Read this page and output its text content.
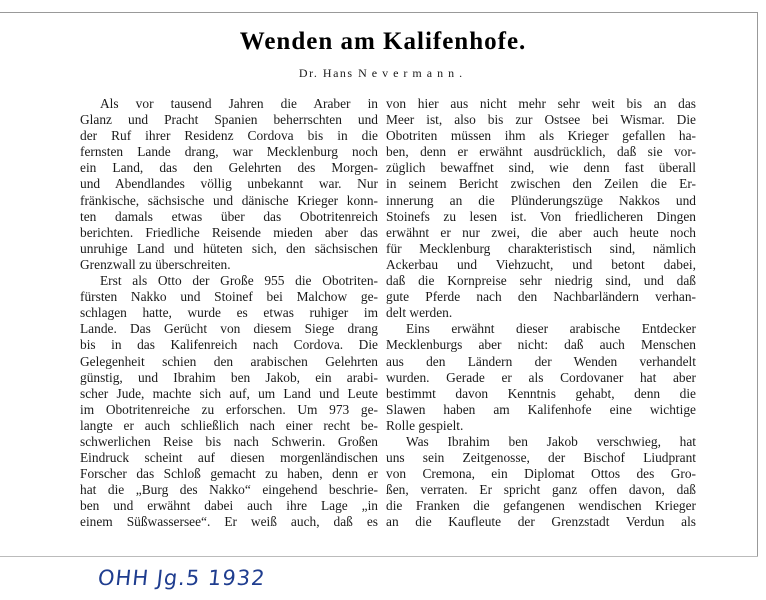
Wenden am Kalifenhofe.
Dr. Hans Nevermann.
Als vor tausend Jahren die Araber in
Glanz und Pracht Spanien beherrschten und
der Ruf ihrer Residenz Cordova bis in die
fernsten Lande drang, war Mecklenburg noch
ein Land, das den Gelehrten des Morgen-
und Abendlandes völlig unbekannt war. Nur
fränkische, sächsische und dänische Krieger konn-
ten damals etwas über das Obotritenreich
berichten. Friedliche Reisende mieden aber das
unruhige Land und hüteten sich, den sächsischen
Grenzwall zu überschreiten.
Erst als Otto der Große 955 die Obotriten-
fürsten Nakko und Stoinef bei Malchow ge-
schlagen hatte, wurde es etwas ruhiger im
Lande. Das Gerücht von diesem Siege drang
bis in das Kalifenreich nach Cordova. Die
Gelegenheit schien den arabischen Gelehrten
günstig, und Ibrahim ben Jakob, ein arabi-
scher Jude, machte sich auf, um Land und Leute
im Obotritenreiche zu erforschen. Um 973 ge-
langte er auch schließlich nach einer recht be-
schwerlichen Reise bis nach Schwerin. Großen
Eindruck scheint auf diesen morgenländischen
Forscher das Schloß gemacht zu haben, denn er
hat die „Burg des Nakko“ eingehend beschrie-
ben und erwähnt dabei auch ihre Lage „in
einem Süßwassersee“. Er weiß auch, daß es
von hier aus nicht mehr sehr weit bis an das
Meer ist, also bis zur Ostsee bei Wismar. Die
Obotriten müssen ihm als Krieger gefallen ha-
ben, denn er erwähnt ausdrücklich, daß sie vor-
züglich bewaffnet sind, wie denn fast überall
in seinem Bericht zwischen den Zeilen die Er-
innerung an die Plünderungszüge Nakkos und
Stoinefs zu lesen ist. Von friedlicheren Dingen
erwähnt er nur zwei, die aber auch heute noch
für Mecklenburg charakteristisch sind, nämlich
Ackerbau und Viehzucht, und betont dabei,
daß die Kornpreise sehr niedrig sind, und daß
gute Pferde nach den Nachbarländern verhan-
delt werden.
Eins erwähnt dieser arabische Entdecker
Mecklenburgs aber nicht: daß auch Menschen
aus den Ländern der Wenden verhandelt
wurden. Gerade er als Cordovaner hat aber
bestimmt davon Kenntnis gehabt, denn die
Slawen haben am Kalifenhofe eine wichtige
Rolle gespielt.
Was Ibrahim ben Jakob verschwieg, hat
uns sein Zeitgenosse, der Bischof Liudprant
von Cremona, ein Diplomat Ottos des Gro-
ßen, verraten. Er spricht ganz offen davon, daß
die Franken die gefangenen wendischen Krieger
an die Kaufleute der Grenzstadt Verdun als
OHH Jg.5 1932
